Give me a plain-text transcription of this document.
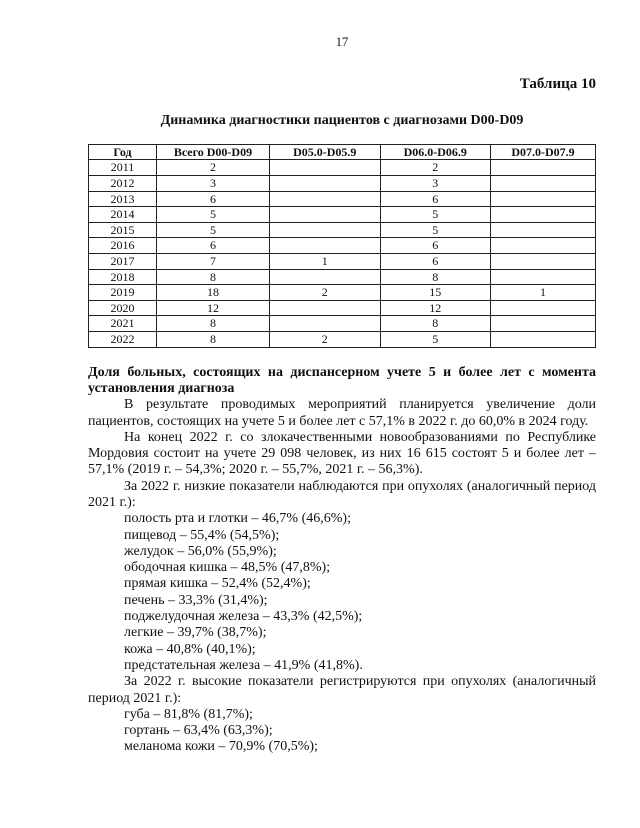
17
Таблица 10
Динамика диагностики пациентов с диагнозами D00-D09
Год	Всего D00-D09	D05.0-D05.9	D06.0-D06.9	D07.0-D07.9
2011	2		2	
2012	3		3	
2013	6		6	
2014	5		5	
2015	5		5	
2016	6		6	
2017	7	1	6	
2018	8		8	
2019	18	2	15	1
2020	12		12	
2021	8		8	
2022	8	2	5	

Доля больных, состоящих на диспансерном учете 5 и более лет с момента установления диагноза

В результате проводимых мероприятий планируется увеличение доли пациентов, состоящих на учете 5 и более лет с 57,1% в 2022 г. до 60,0% в 2024 году.

На конец 2022 г. со злокачественными новообразованиями по Республике Мордовия состоит на учете 29 098 человек, из них 16 615 состоят 5 и более лет – 57,1% (2019 г. – 54,3%; 2020 г. – 55,7%, 2021 г. – 56,3%).

За 2022 г. низкие показатели наблюдаются при опухолях (аналогичный период 2021 г.):

полость рта и глотки – 46,7% (46,6%);

пищевод – 55,4% (54,5%);

желудок – 56,0% (55,9%);

ободочная кишка – 48,5% (47,8%);

прямая кишка – 52,4% (52,4%);

печень – 33,3% (31,4%);

поджелудочная железа – 43,3% (42,5%);

легкие – 39,7% (38,7%);

кожа – 40,8% (40,1%);

предстательная железа – 41,9% (41,8%).

За 2022 г. высокие показатели регистрируются при опухолях (аналогичный период 2021 г.):

губа – 81,8% (81,7%);

гортань – 63,4% (63,3%);

меланома кожи – 70,9% (70,5%);
